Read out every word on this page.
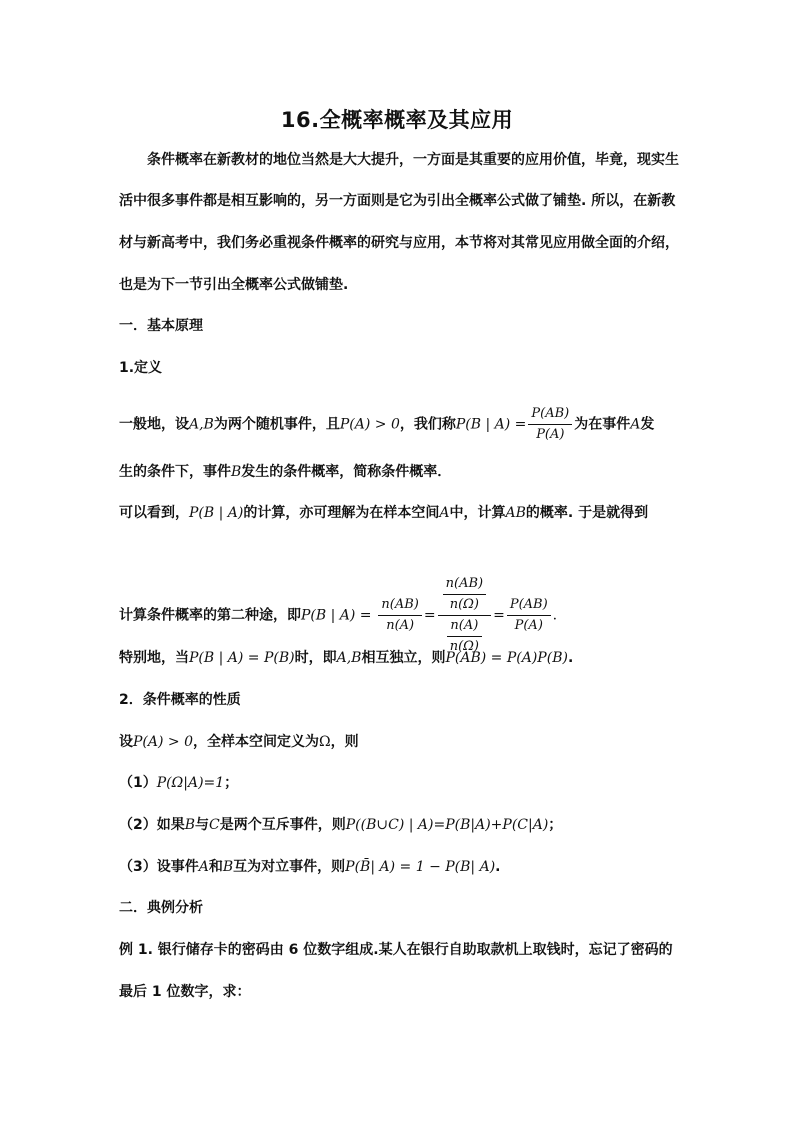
16.全概率概率及其应用
条件概率在新教材的地位当然是大大提升，一方面是其重要的应用价值，毕竟，现实生
活中很多事件都是相互影响的，另一方面则是它为引出全概率公式做了铺垫. 所以，在新教
材与新高考中，我们务必重视条件概率的研究与应用，本节将对其常见应用做全面的介绍，
也是为下一节引出全概率公式做铺垫.
一．基本原理
1.定义
一般地，设A,B为两个随机事件，且P(A) > 0，我们称P(B | $A) = \frac{P(AB)}{P(A)}$ 为在事件A发
生的条件下，事件B发生的条件概率，简称条件概率．
可以看到，P(B | A)的计算，亦可理解为在样本空间A中，计算AB的概率. 于是就得到
计算条件概率的第二种途，即P(B | $A) = \frac{n(AB)}{n(A)} = \frac{\frac{n(AB)}{n(\Omega)}}{\frac{n(A)}{n(\Omega)}} = \frac{P(AB)}{P(A)}$ .
特别地，当P(B | A) = P(B)时，即A,B相互独立，则P(AB) = P(A)P(B).
2．条件概率的性质
设P(A) > 0，全样本空间定义为Ω，则
（1）P(Ω|A)=1；
（2）如果B与C是两个互斥事件，则P((B∪C) | A)=P(B|A)+P(C|A)；
（3）设事件A和B互为对立事件，则P(B̄| A) = 1 − P(B| A).
二．典例分析
例 1. 银行储存卡的密码由 6 位数字组成.某人在银行自助取款机上取钱时，忘记了密码的
最后 1 位数字，求：
